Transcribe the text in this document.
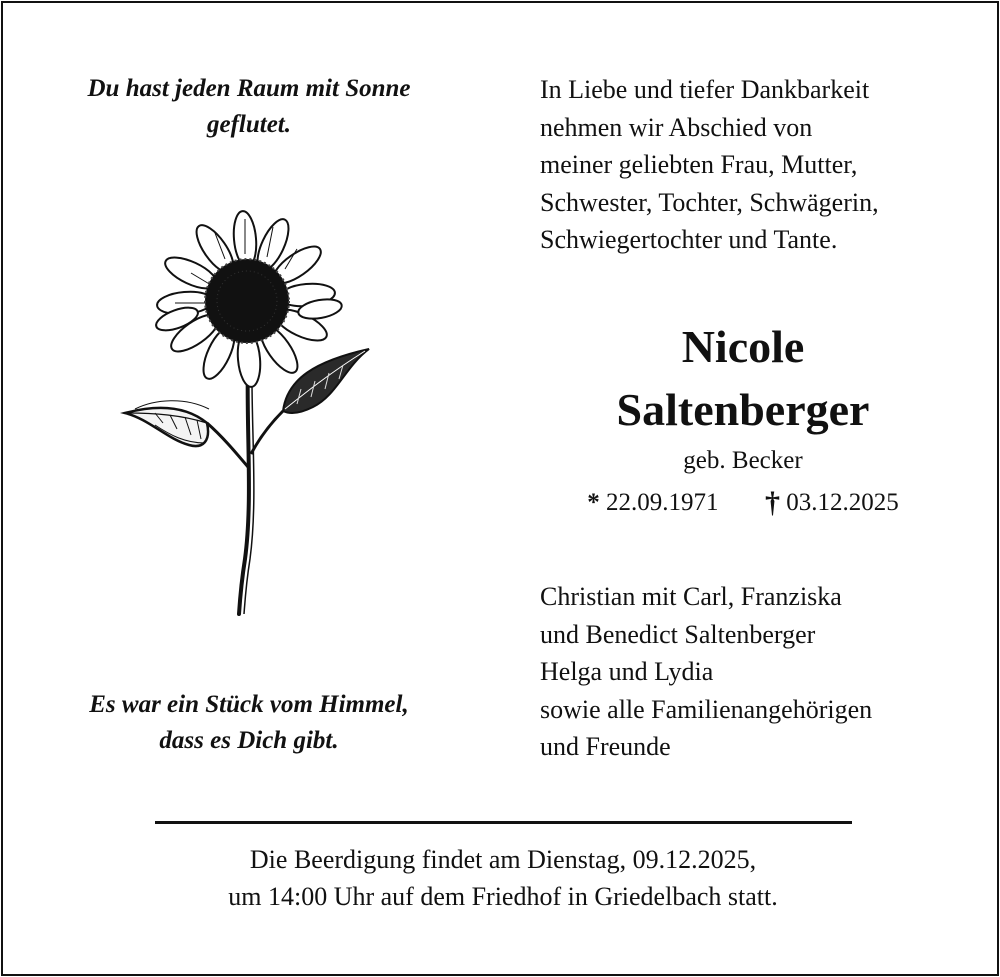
Du hast jeden Raum mit Sonne
geflutet.
Es war ein Stück vom Himmel,
dass es Dich gibt.
In Liebe und tiefer Dankbarkeit
nehmen wir Abschied von
meiner geliebten Frau, Mutter,
Schwester, Tochter, Schwägerin,
Schwiegertochter und Tante.
Nicole
Saltenberger
geb. Becker
* 22.09.1971 † 03.12.2025
Christian mit Carl, Franziska
und Benedict Saltenberger
Helga und Lydia
sowie alle Familienangehörigen
und Freunde
Die Beerdigung findet am Dienstag, 09.12.2025,
um 14:00 Uhr auf dem Friedhof in Griedelbach statt.
